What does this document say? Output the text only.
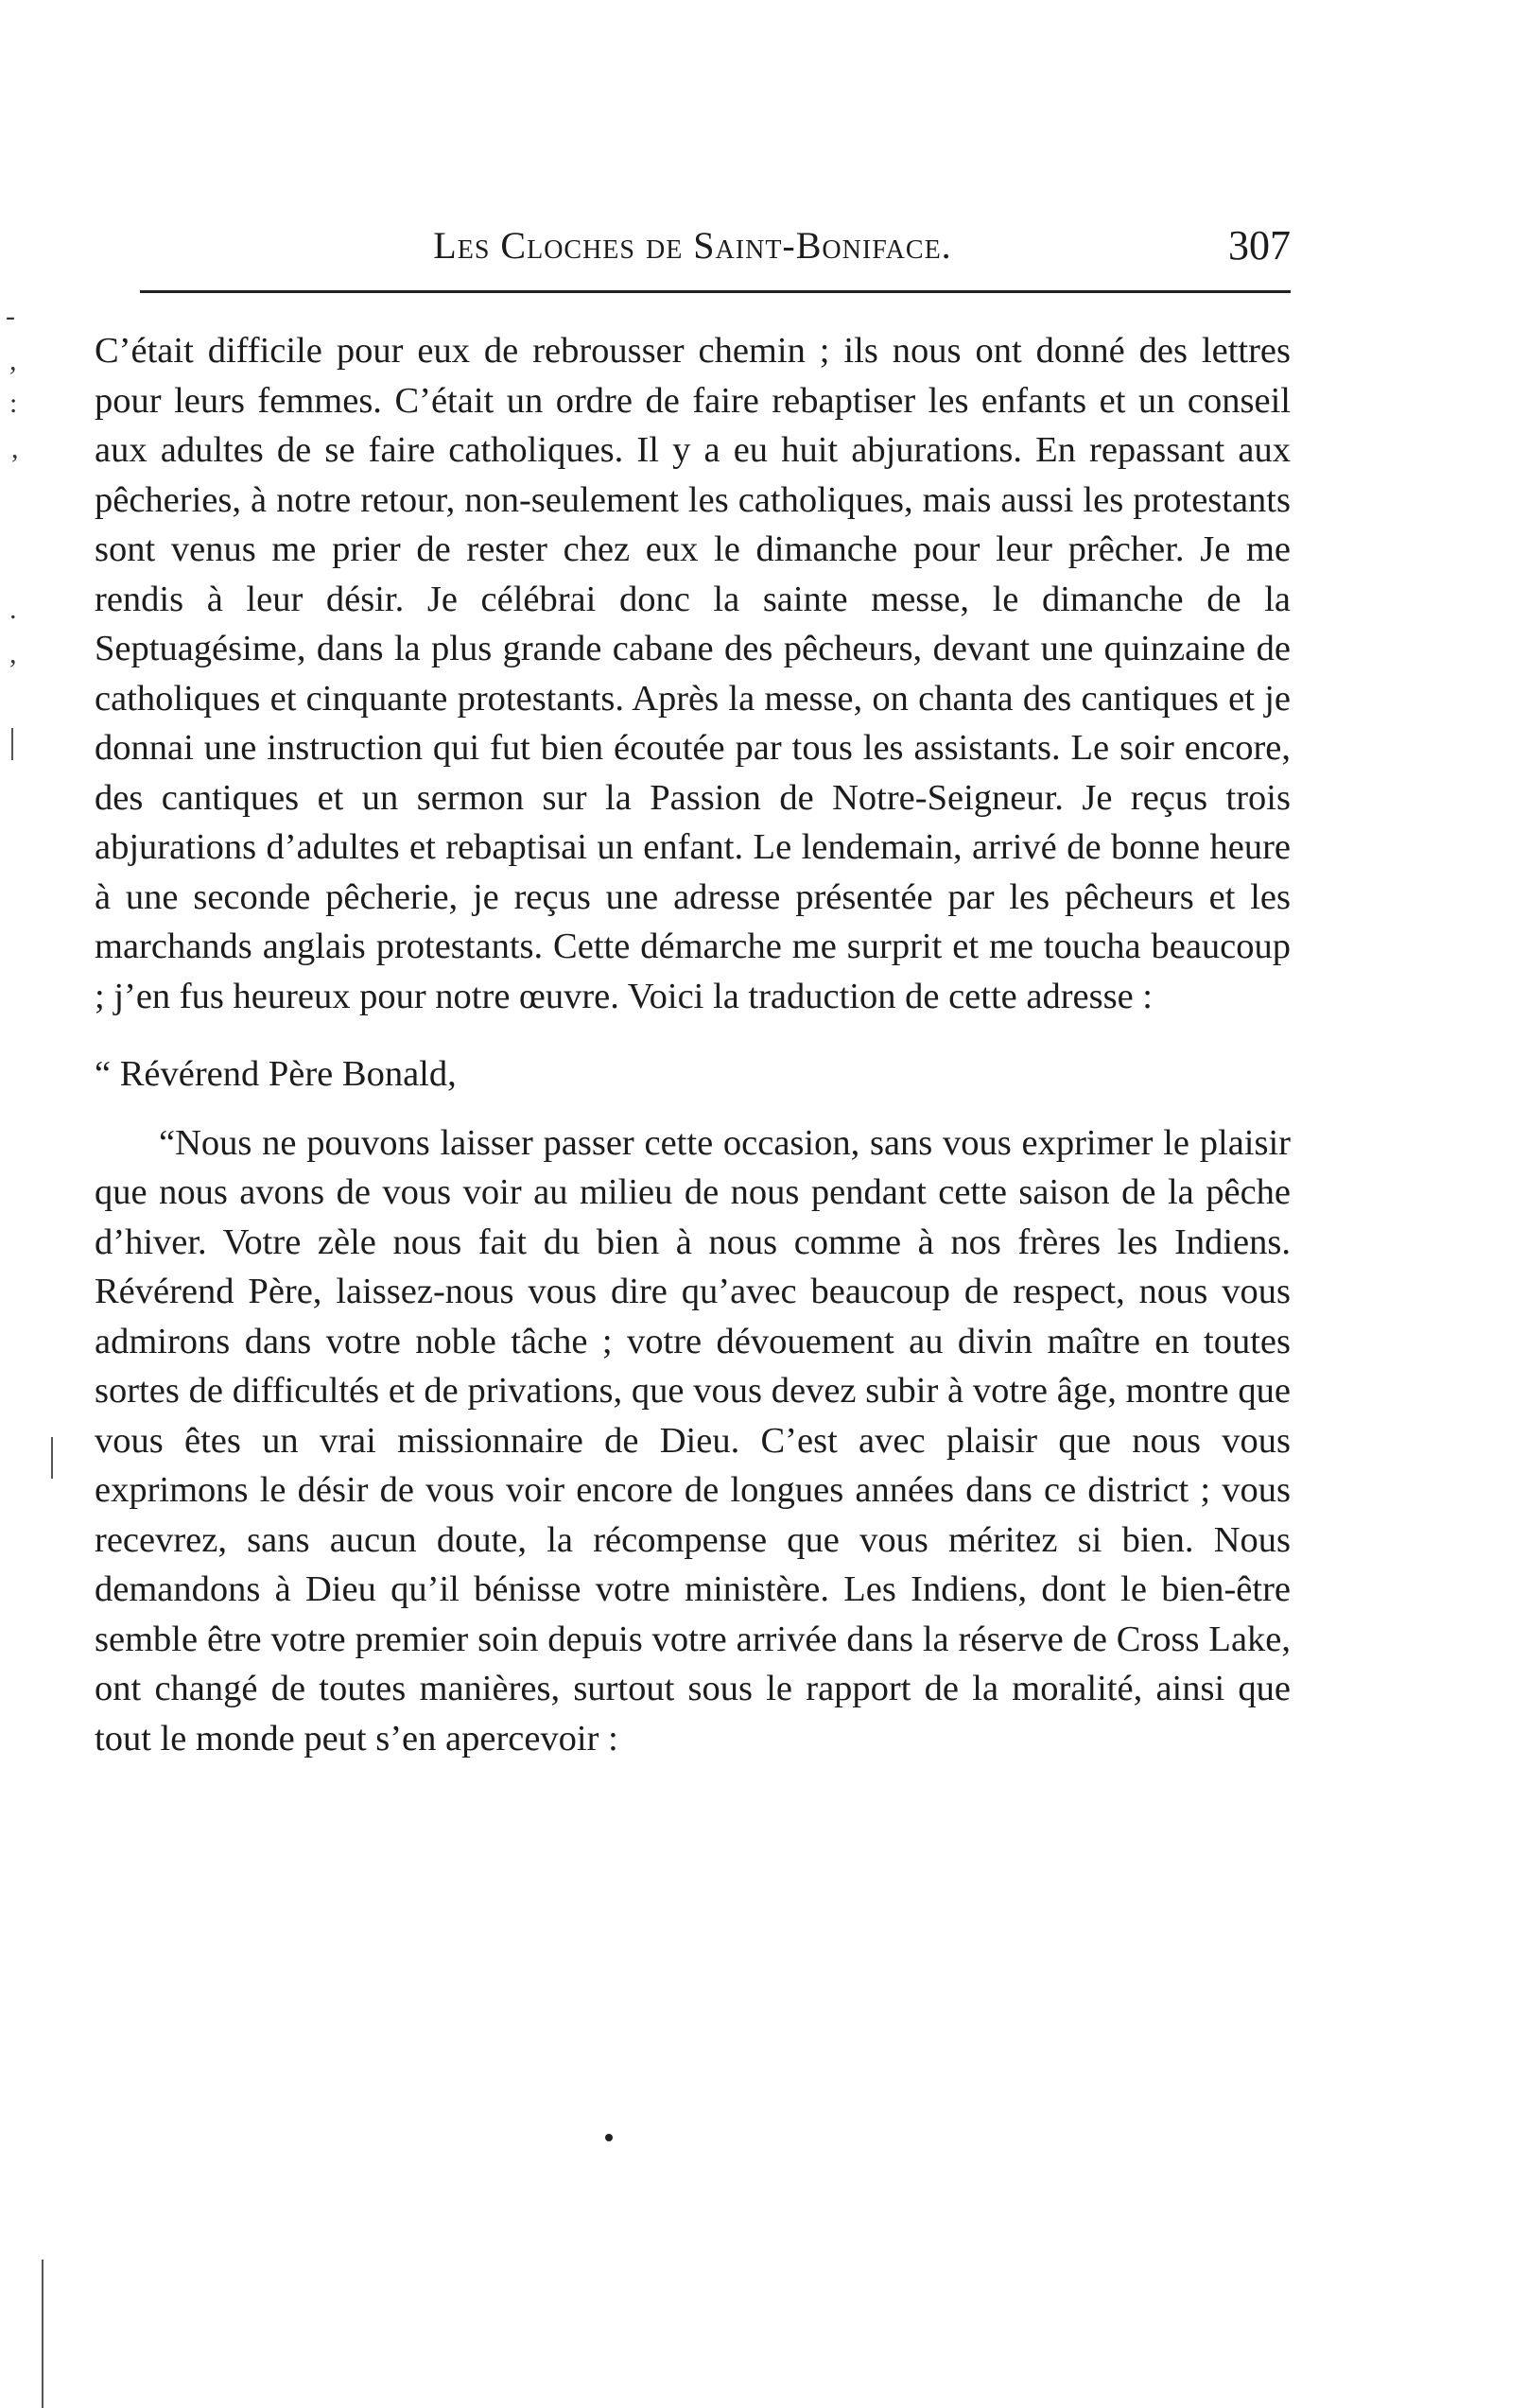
Les Cloches de Saint-Boniface.	307

C’était difficile pour eux de rebrousser chemin ; ils nous ont donné des lettres pour leurs femmes. C’était un ordre de faire rebaptiser les enfants et un conseil aux adultes de se faire catholiques. Il y a eu huit abjurations. En repassant aux pêcheries, à notre retour, non-seulement les catholiques, mais aussi les protestants sont venus me prier de rester chez eux le dimanche pour leur prêcher. Je me rendis à leur désir. Je célébrai donc la sainte messe, le dimanche de la Septuagésime, dans la plus grande cabane des pêcheurs, devant une quinzaine de catholiques et cinquante protestants. Après la messe, on chanta des cantiques et je donnai une instruction qui fut bien écoutée par tous les assistants. Le soir encore, des cantiques et un sermon sur la Passion de Notre-Seigneur. Je reçus trois abjurations d’adultes et rebaptisai un enfant. Le lendemain, arrivé de bonne heure à une seconde pêcherie, je reçus une adresse présentée par les pêcheurs et les marchands anglais protestants. Cette démarche me surprit et me toucha beaucoup ; j’en fus heureux pour notre œuvre. Voici la traduction de cette adresse :

“ Révérend Père Bonald,

“Nous ne pouvons laisser passer cette occasion, sans vous exprimer le plaisir que nous avons de vous voir au milieu de nous pendant cette saison de la pêche d’hiver. Votre zèle nous fait du bien à nous comme à nos frères les Indiens. Révérend Père, laissez-nous vous dire qu’avec beaucoup de respect, nous vous admirons dans votre noble tâche ; votre dévouement au divin maître en toutes sortes de difficultés et de privations, que vous devez subir à votre âge, montre que vous êtes un vrai missionnaire de Dieu. C’est avec plaisir que nous vous exprimons le désir de vous voir encore de longues années dans ce district ; vous recevrez, sans aucun doute, la récompense que vous méritez si bien. Nous demandons à Dieu qu’il bénisse votre ministère. Les Indiens, dont le bien-être semble être votre premier soin depuis votre arrivée dans la réserve de Cross Lake, ont changé de toutes manières, surtout sous le rapport de la moralité, ainsi que tout le monde peut s’en apercevoir :

-
,
:
,
.
,
